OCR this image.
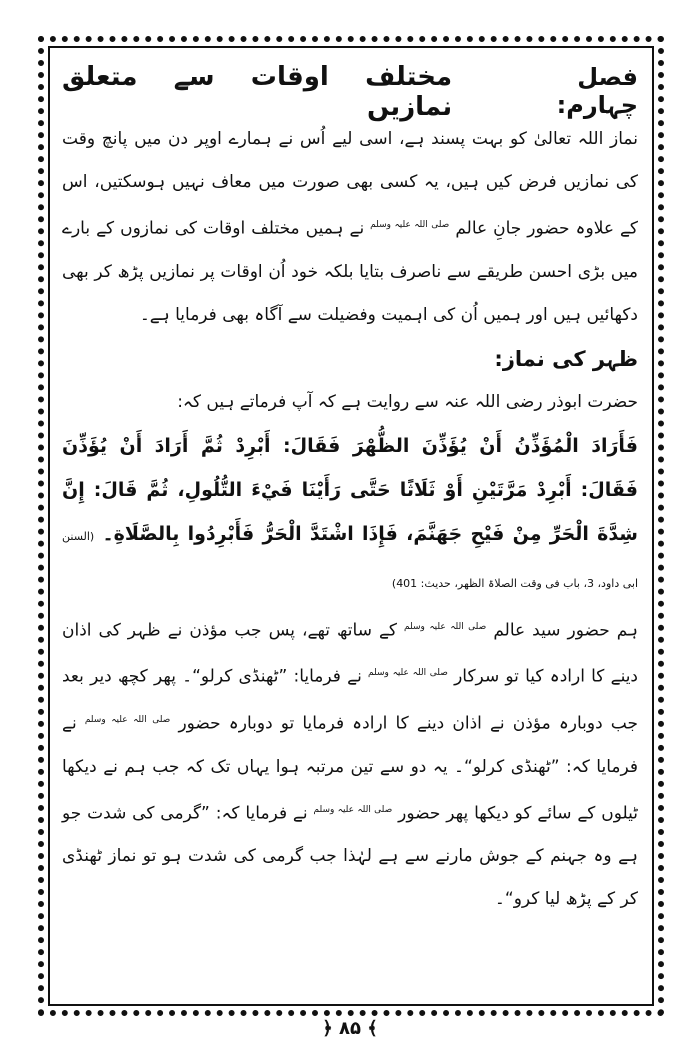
فصل چہارم:
مختلف اوقات سے متعلق نمازیں

نماز اللہ تعالیٰ کو بہت پسند ہے، اسی لیے اُس نے ہمارے اوپر دن میں پانچ وقت کی نمازیں فرض کیں ہیں، یہ کسی بھی صورت میں معاف نہیں ہوسکتیں، اس کے علاوہ حضور جانِ عالم $^{صلی اللہ علیہ وسلم}$ نے ہمیں مختلف اوقات کی نمازوں کے بارے میں بڑی احسن طریقے سے ناصرف بتایا بلکہ خود اُن اوقات پر نمازیں پڑھ کر بھی دکھائیں ہیں اور ہمیں اُن کی اہمیت وفضیلت سے آگاہ بھی فرمایا ہے۔

ظہر کی نماز:

حضرت ابوذر رضی اللہ عنہ سے روایت ہے کہ آپ فرماتے ہیں کہ:

فَأَرَادَ الْمُؤَذِّنُ أَنْ يُؤَذِّنَ الظُّهْرَ فَقَالَ: أَبْرِدْ ثُمَّ أَرَادَ أَنْ يُؤَذِّنَ فَقَالَ: أَبْرِدْ مَرَّتَيْنِ أَوْ ثَلَاثًا حَتَّى رَأَيْنَا فَيْءَ التُّلُولِ، ثُمَّ قَالَ: إِنَّ شِدَّةَ الْحَرِّ مِنْ فَيْحِ جَهَنَّمَ، فَإِذَا اشْتَدَّ الْحَرُّ فَأَبْرِدُوا بِالصَّلَاةِ۔ (السنن ابی داود، 3، باب فی وقت الصلاۃ الظھر، حدیث: 401)

ہم حضور سید عالم $^{صلی اللہ علیہ وسلم}$ کے ساتھ تھے، پس جب مؤذن نے ظہر کی اذان دینے کا ارادہ کیا تو سرکار $^{صلی اللہ علیہ وسلم}$ نے فرمایا: ”ٹھنڈی کرلو“۔ پھر کچھ دیر بعد جب دوبارہ مؤذن نے اذان دینے کا ارادہ فرمایا تو دوبارہ حضور $^{صلی اللہ علیہ وسلم}$ نے فرمایا کہ: ”ٹھنڈی کرلو“۔ یہ دو سے تین مرتبہ ہوا یہاں تک کہ جب ہم نے دیکھا ٹیلوں کے سائے کو دیکھا پھر حضور $^{صلی اللہ علیہ وسلم}$ نے فرمایا کہ: ”گرمی کی شدت جو ہے وہ جہنم کے جوش مارنے سے ہے لہٰذا جب گرمی کی شدت ہو تو نماز ٹھنڈی کر کے پڑھ لیا کرو“۔

﴿ ۸۵ ﴾
